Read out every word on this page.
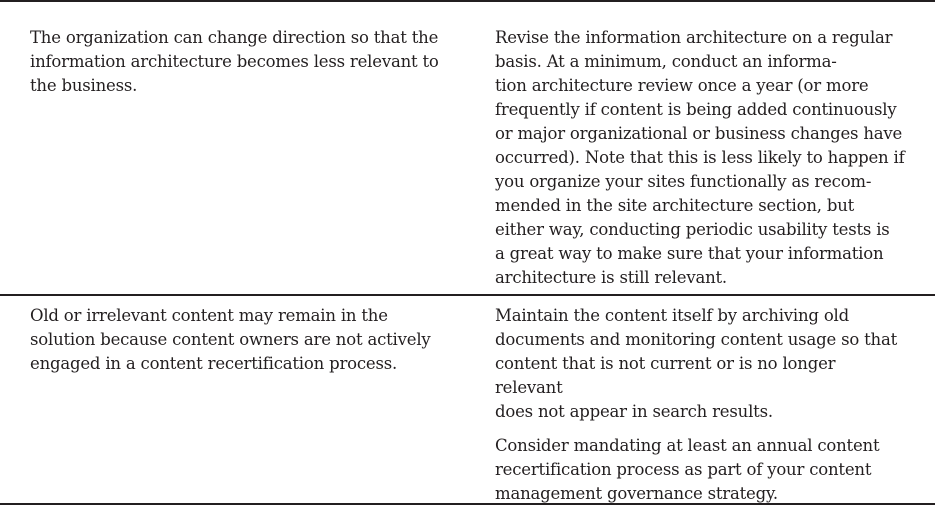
The organization can change direction so that the
information architecture becomes less relevant to
the business.

Revise the information architecture on a regular
basis. At a minimum, conduct an informa-
tion architecture review once a year (or more
frequently if content is being added continuously
or major organizational or business changes have
occurred). Note that this is less likely to happen if
you organize your sites functionally as recom-
mended in the site architecture section, but
either way, conducting periodic usability tests is
a great way to make sure that your information
architecture is still relevant.

Old or irrelevant content may remain in the
solution because content owners are not actively
engaged in a content recertification process.

Maintain the content itself by archiving old
documents and monitoring content usage so that
content that is not current or is no longer relevant
does not appear in search results.

Consider mandating at least an annual content
recertification process as part of your content
management governance strategy.
